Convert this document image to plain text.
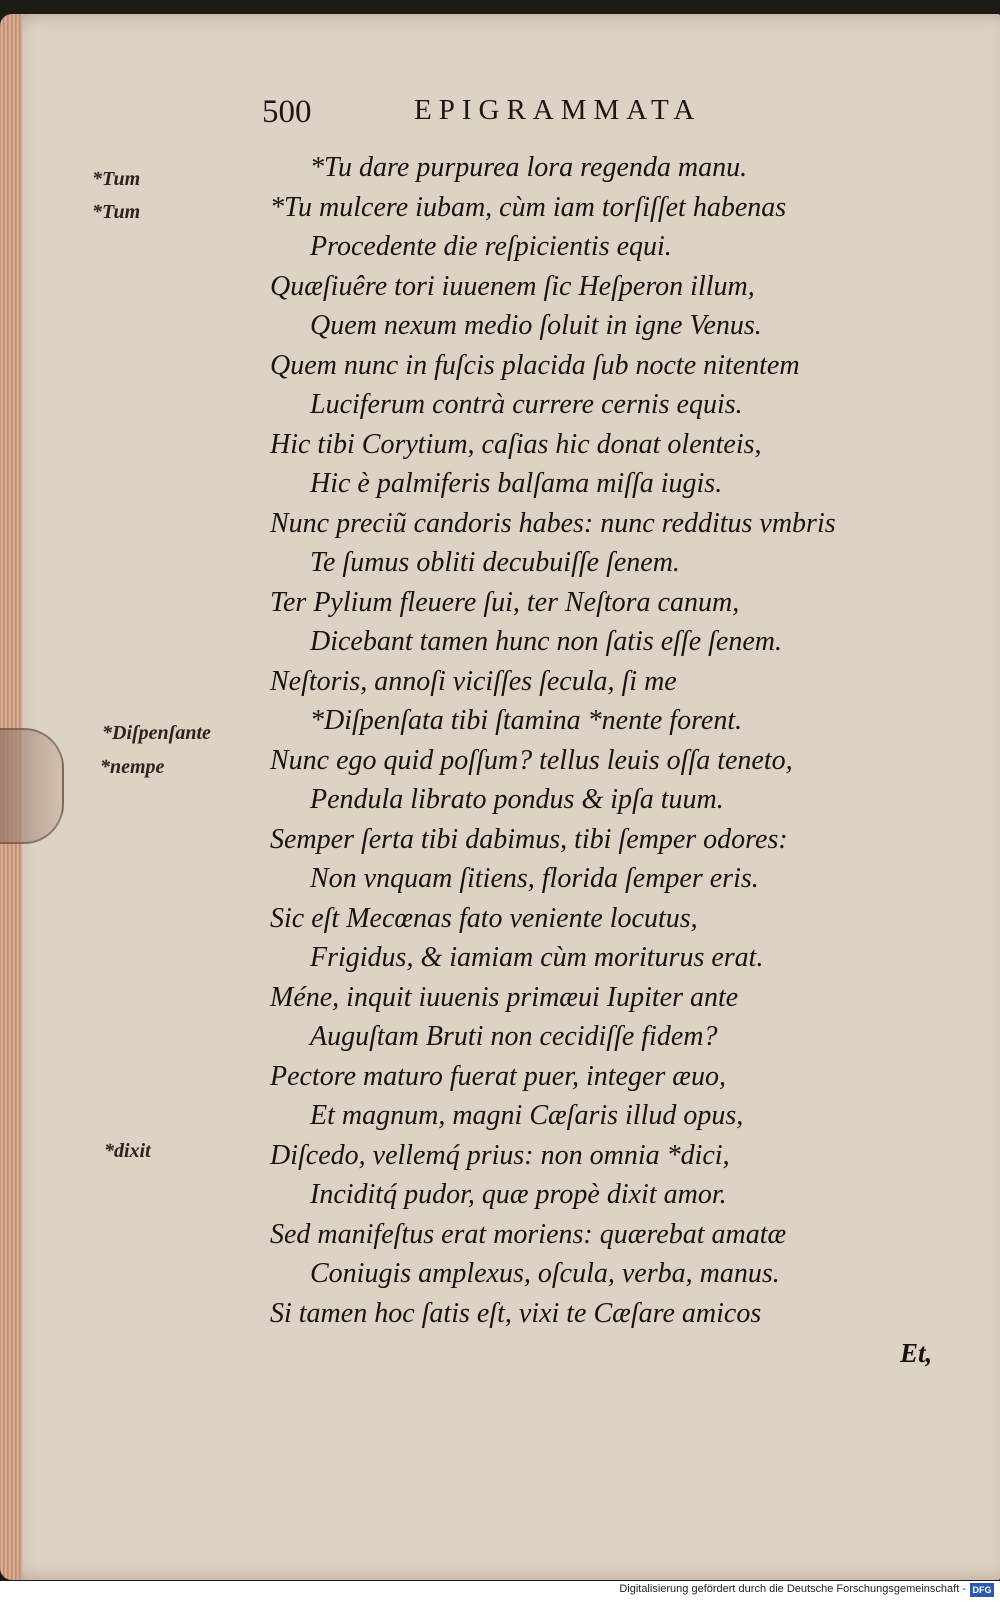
500	EPIGRAMMATA
*Tum
*Tum
*Diſpenſante
*nempe
*dixit
*Tu dare purpurea lora regenda manu.
*Tu mulcere iubam, cùm iam torſiſſet habenas
Procedente die reſpicientis equi.
Quæſiuêre tori iuuenem ſic Heſperon illum,
Quem nexum medio ſoluit in igne Venus.
Quem nunc in fuſcis placida ſub nocte nitentem
Luciferum contrà currere cernis equis.
Hic tibi Corytium, caſias hic donat olenteis,
Hic è palmiferis balſama miſſa iugis.
Nunc preciũ candoris habes: nunc redditus vmbris
Te ſumus obliti decubuiſſe ſenem.
Ter Pylium fleuere ſui, ter Neſtora canum,
Dicebant tamen hunc non ſatis eſſe ſenem.
Neſtoris, annoſi viciſſes ſecula, ſi me
*Diſpenſata tibi ſtamina *nente forent.
Nunc ego quid poſſum? tellus leuis oſſa teneto,
Pendula librato pondus & ipſa tuum.
Semper ſerta tibi dabimus, tibi ſemper odores:
Non vnquam ſitiens, florida ſemper eris.
Sic eſt Mecœnas fato veniente locutus,
Frigidus, & iamiam cùm moriturus erat.
Méne, inquit iuuenis primæui Iupiter ante
Auguſtam Bruti non cecidiſſe fidem?
Pectore maturo fuerat puer, integer æuo,
Et magnum, magni Cæſaris illud opus,
Diſcedo, vellemq́ prius: non omnia *dici,
Inciditq́ pudor, quæ propè dixit amor.
Sed manifeſtus erat moriens: quærebat amatæ
Coniugis amplexus, oſcula, verba, manus.
Si tamen hoc ſatis eſt, vixi te Cæſare amicos
Et,
Digitalisierung gefördert durch die Deutsche Forschungsgemeinschaft - DFG
